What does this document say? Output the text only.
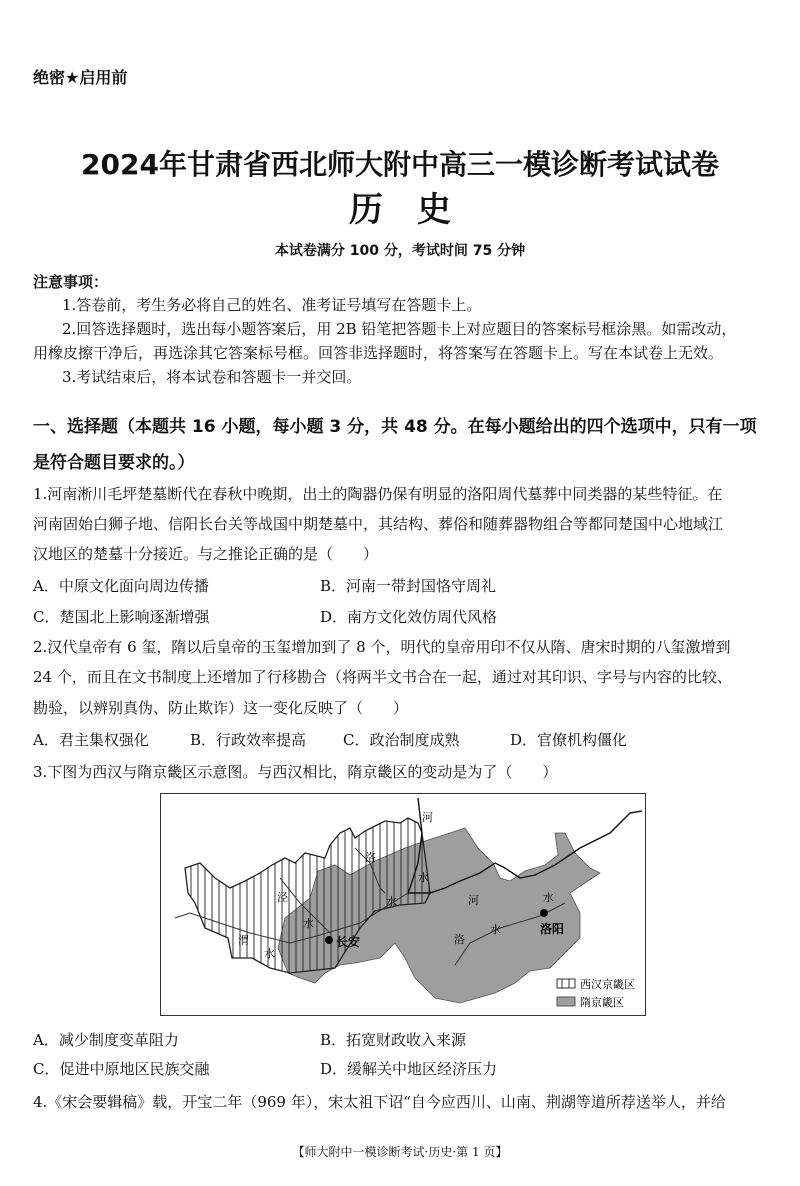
绝密★启用前
2024年甘肃省西北师大附中高三一模诊断考试试卷
历　史
本试卷满分 100 分，考试时间 75 分钟
注意事项：
1.答卷前，考生务必将自己的姓名、准考证号填写在答题卡上。
2.回答选择题时，选出每小题答案后，用 2B 铅笔把答题卡上对应题目的答案标号框涂黑。如需改动，
用橡皮擦干净后，再选涂其它答案标号框。回答非选择题时，将答案写在答题卡上。写在本试卷上无效。
3.考试结束后，将本试卷和答题卡一并交回。
一、选择题（本题共 16 小题，每小题 3 分，共 48 分。在每小题给出的四个选项中，只有一项
是符合题目要求的。）
1.河南淅川毛坪楚墓断代在春秋中晚期，出土的陶器仍保有明显的洛阳周代墓葬中同类器的某些特征。在
河南固始白狮子地、信阳长台关等战国中期楚墓中，其结构、葬俗和随葬器物组合等都同楚国中心地域江
汉地区的楚墓十分接近。与之推论正确的是（　　）
A．中原文化面向周边传播	B．河南一带封国恪守周礼
C．楚国北上影响逐渐增强	D．南方文化效仿周代风格
2.汉代皇帝有 6 玺，隋以后皇帝的玉玺增加到了 8 个，明代的皇帝用印不仅从隋、唐宋时期的八玺激增到
24 个，而且在文书制度上还增加了行移勘合（将两半文书合在一起，通过对其印识、字号与内容的比较、
勘验，以辨别真伪、防止欺诈）这一变化反映了（　　）
A．君主集权强化	B．行政效率提高 C．政治制度成熟	D．官僚机构僵化
3.下图为西汉与隋京畿区示意图。与西汉相比，隋京畿区的变动是为了（　　）
河
洛
水
水
泾
水
渭
水
河	水
洛
水
长安
洛阳
西汉京畿区
隋京畿区
A．减少制度变革阻力	B．拓宽财政收入来源
C．促进中原地区民族交融	D．缓解关中地区经济压力
4.《宋会要辑稿》载，开宝二年（969 年），宋太祖下诏“自今应西川、山南、荆湖等道所荐送举人，并给
【师大附中一模诊断考试·历史·第 1 页】
